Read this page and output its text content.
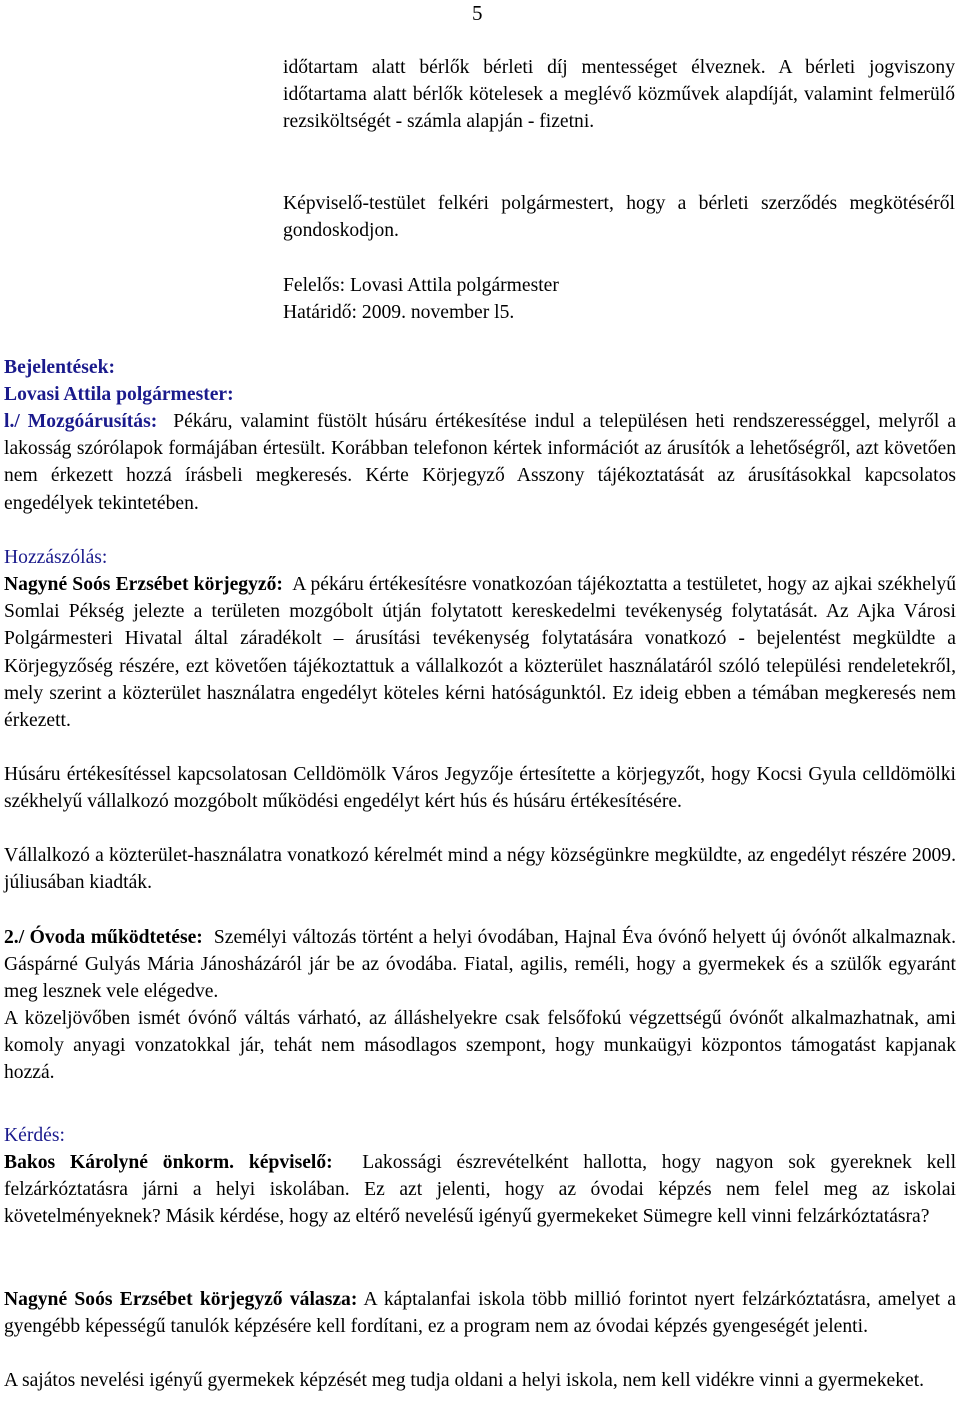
5

időtartam alatt bérlők bérleti díj mentességet élveznek. A bérleti jogviszony időtartama alatt bérlők kötelesek a meglévő közművek alapdíját, valamint felmerülő rezsiköltségét - számla alapján - fizetni.

Képviselő-testület felkéri polgármestert, hogy a bérleti szerződés megkötéséről gondoskodjon.

Felelős: Lovasi Attila polgármester

Határidő: 2009. november l5.

Bejelentések:
Lovasi Attila polgármester:

l./ Mozgóárusítás: Pékáru, valamint füstölt húsáru értékesítése indul a településen heti rendszerességgel, melyről a lakosság szórólapok formájában értesült. Korábban telefonon kértek információt az árusítók a lehetőségről, azt követően nem érkezett hozzá írásbeli megkeresés. Kérte Körjegyző Asszony tájékoztatását az árusításokkal kapcsolatos engedélyek tekintetében.

Hozzászólás:

Nagyné Soós Erzsébet körjegyző: A pékáru értékesítésre vonatkozóan tájékoztatta a testületet, hogy az ajkai székhelyű Somlai Pékség jelezte a területen mozgóbolt útján folytatott kereskedelmi tevékenység folytatását. Az Ajka Városi Polgármesteri Hivatal által záradékolt – árusítási tevékenység folytatására vonatkozó - bejelentést megküldte a Körjegyzőség részére, ezt követően tájékoztattuk a vállalkozót a közterület használatáról szóló települési rendeletekről, mely szerint a közterület használatra engedélyt köteles kérni hatóságunktól. Ez ideig ebben a témában megkeresés nem érkezett.

Húsáru értékesítéssel kapcsolatosan Celldömölk Város Jegyzője értesítette a körjegyzőt, hogy Kocsi Gyula celldömölki székhelyű vállalkozó mozgóbolt működési engedélyt kért hús és húsáru értékesítésére.

Vállalkozó a közterület-használatra vonatkozó kérelmét mind a négy községünkre megküldte, az engedélyt részére 2009. júliusában kiadták.

2./ Óvoda működtetése: Személyi változás történt a helyi óvodában, Hajnal Éva óvónő helyett új óvónőt alkalmaznak. Gáspárné Gulyás Mária Jánosházáról jár be az óvodába. Fiatal, agilis, reméli, hogy a gyermekek és a szülők egyaránt meg lesznek vele elégedve.

A közeljövőben ismét óvónő váltás várható, az álláshelyekre csak felsőfokú végzettségű óvónőt alkalmazhatnak, ami komoly anyagi vonzatokkal jár, tehát nem másodlagos szempont, hogy munkaügyi központos támogatást kapjanak hozzá.

Kérdés:

Bakos Károlyné önkorm. képviselő: Lakossági észrevételként hallotta, hogy nagyon sok gyereknek kell felzárkóztatásra járni a helyi iskolában. Ez azt jelenti, hogy az óvodai képzés nem felel meg az iskolai követelményeknek? Másik kérdése, hogy az eltérő nevelésű igényű gyermekeket Sümegre kell vinni felzárkóztatásra?

Nagyné Soós Erzsébet körjegyző válasza: A káptalanfai iskola több millió forintot nyert felzárkóztatásra, amelyet a gyengébb képességű tanulók képzésére kell fordítani, ez a program nem az óvodai képzés gyengeségét jelenti.

A sajátos nevelési igényű gyermekek képzését meg tudja oldani a helyi iskola, nem kell vidékre vinni a gyermekeket.
